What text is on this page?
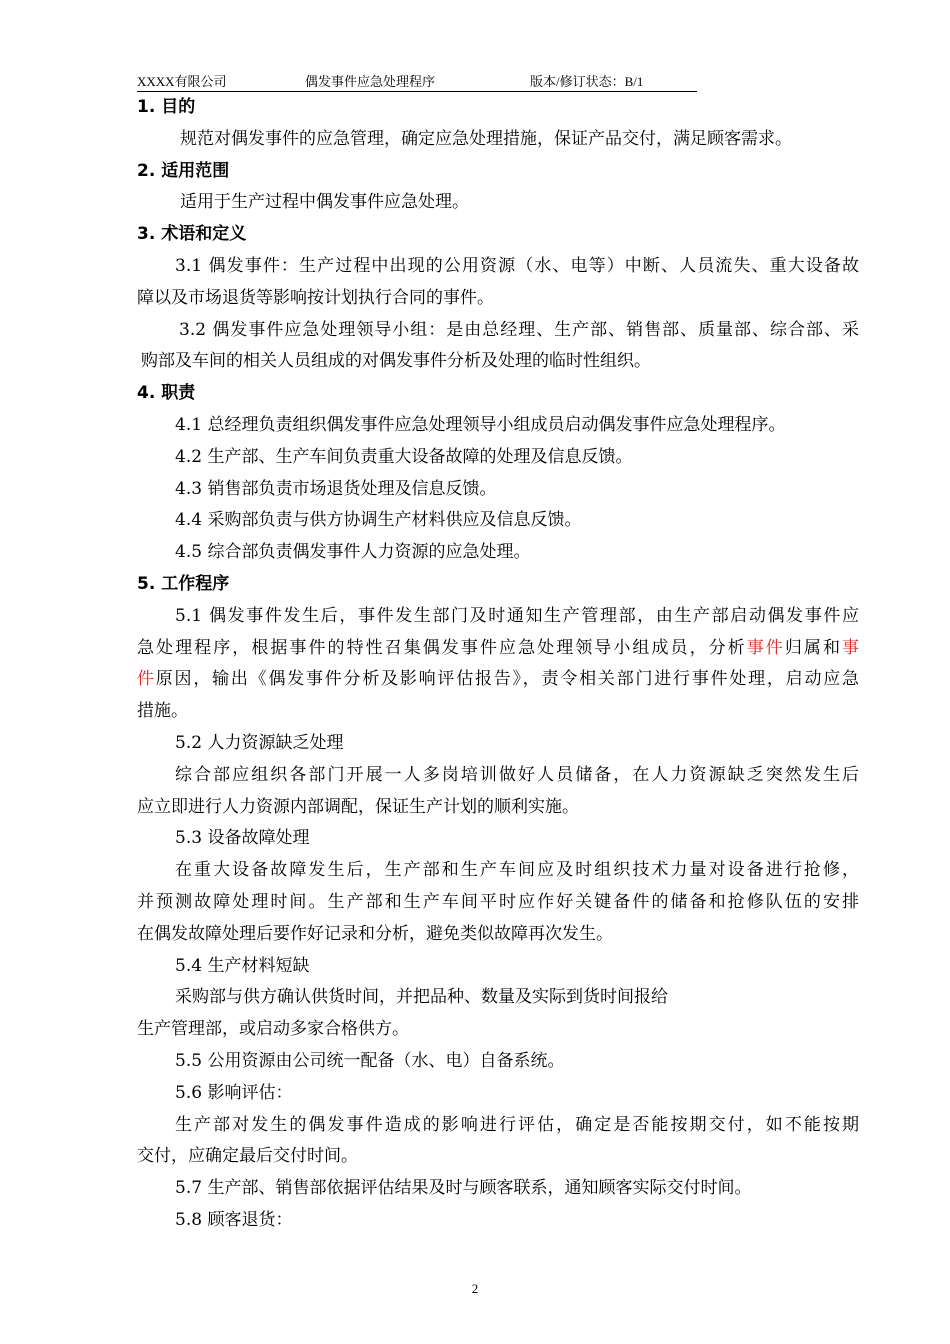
XXXX有限公司	偶发事件应急处理程序	版本/修订状态：B/1
1. 目的
规范对偶发事件的应急管理，确定应急处理措施，保证产品交付，满足顾客需求。
2. 适用范围
适用于生产过程中偶发事件应急处理。
3. 术语和定义
3.1 偶发事件：生产过程中出现的公用资源（水、电等）中断、人员流失、重大设备故
障以及市场退货等影响按计划执行合同的事件。
3.2 偶发事件应急处理领导小组：是由总经理、生产部、销售部、质量部、综合部、采
购部及车间的相关人员组成的对偶发事件分析及处理的临时性组织。
4. 职责
4.1 总经理负责组织偶发事件应急处理领导小组成员启动偶发事件应急处理程序。
4.2 生产部、生产车间负责重大设备故障的处理及信息反馈。
4.3 销售部负责市场退货处理及信息反馈。
4.4 采购部负责与供方协调生产材料供应及信息反馈。
4.5 综合部负责偶发事件人力资源的应急处理。
5. 工作程序
5.1 偶发事件发生后，事件发生部门及时通知生产管理部，由生产部启动偶发事件应
急处理程序，根据事件的特性召集偶发事件应急处理领导小组成员，分析事件归属和事
件原因，输出《偶发事件分析及影响评估报告》，责令相关部门进行事件处理，启动应急
措施。
5.2 人力资源缺乏处理
综合部应组织各部门开展一人多岗培训做好人员储备，在人力资源缺乏突然发生后
应立即进行人力资源内部调配，保证生产计划的顺利实施。
5.3 设备故障处理
在重大设备故障发生后，生产部和生产车间应及时组织技术力量对设备进行抢修，
并预测故障处理时间。生产部和生产车间平时应作好关键备件的储备和抢修队伍的安排
在偶发故障处理后要作好记录和分析，避免类似故障再次发生。
5.4 生产材料短缺
采购部与供方确认供货时间，并把品种、数量及实际到货时间报给
生产管理部，或启动多家合格供方。
5.5 公用资源由公司统一配备（水、电）自备系统。
5.6 影响评估：
生产部对发生的偶发事件造成的影响进行评估，确定是否能按期交付，如不能按期
交付，应确定最后交付时间。
5.7 生产部、销售部依据评估结果及时与顾客联系，通知顾客实际交付时间。
5.8 顾客退货：
2
